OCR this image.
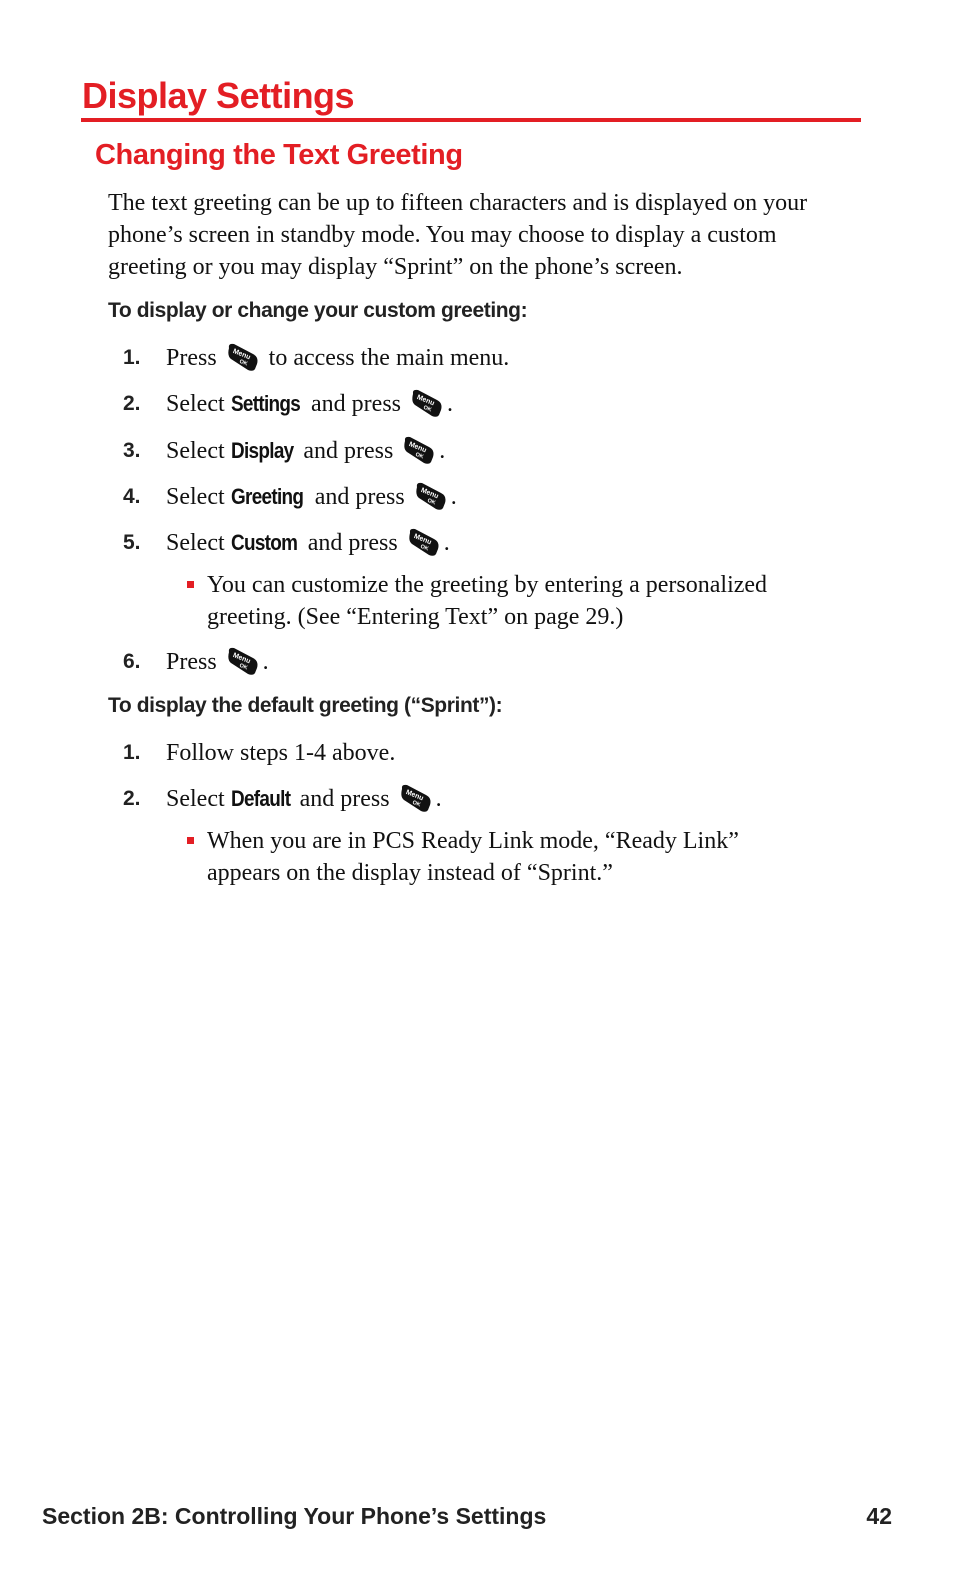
Display Settings
Changing the Text Greeting

The text greeting can be up to fifteen characters and is displayed on your phone’s screen in standby mode. You may choose to display a custom greeting or you may display “Sprint” on the phone’s screen.

To display or change your custom greeting:

1. Press to access the main menu.
2. Select Settings and press .
3. Select Display and press .
4. Select Greeting and press .
5. Select Custom and press .
You can customize the greeting by entering a personalized greeting. (See “Entering Text” on page 29.)
6. Press .

To display the default greeting (“Sprint”):

1. Follow steps 1-4 above.
2. Select Default and press .
When you are in PCS Ready Link mode, “Ready Link” appears on the display instead of “Sprint.”
Section 2B: Controlling Your Phone’s Settings	42
